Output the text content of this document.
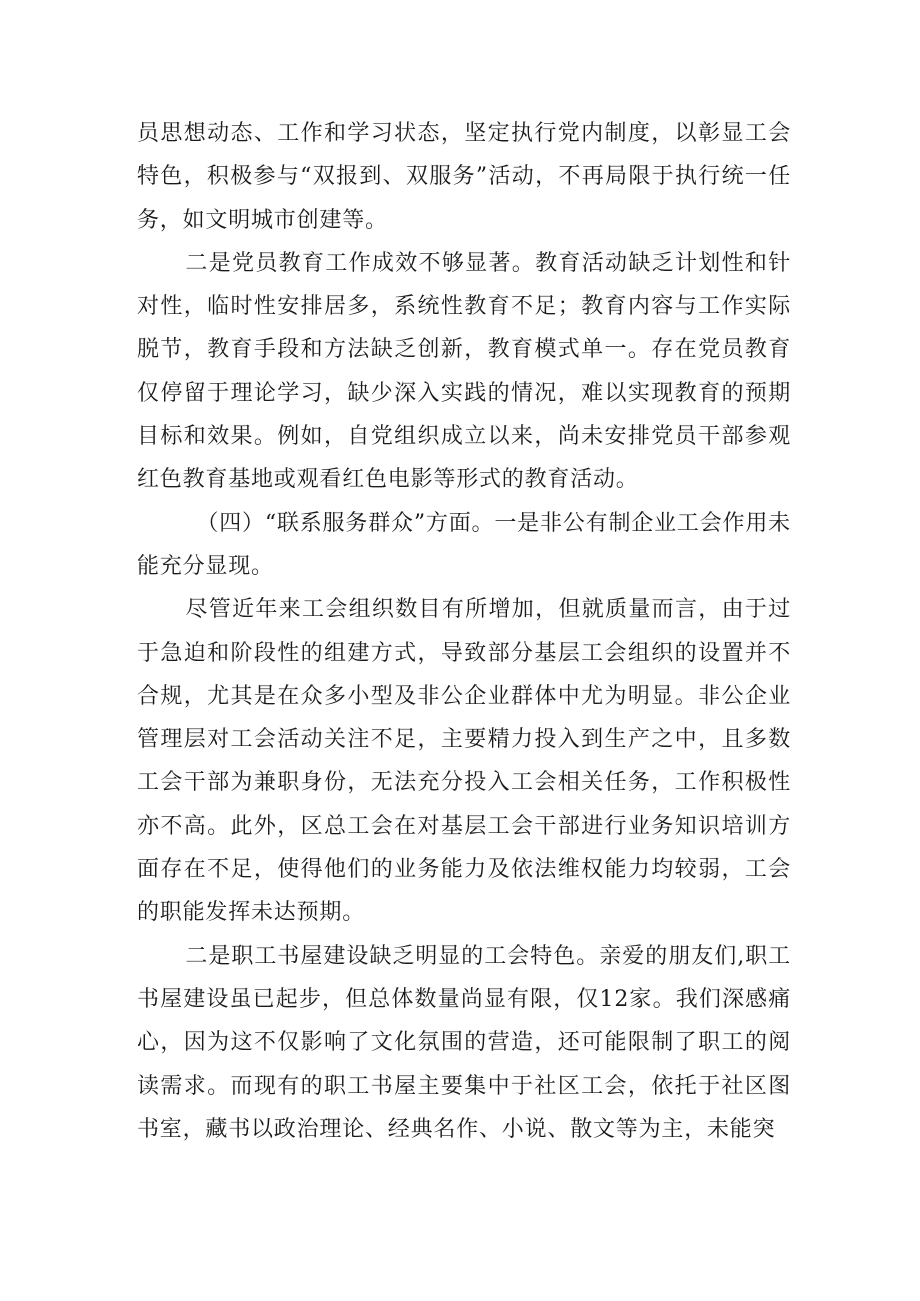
员思想动态、工作和学习状态，坚定执行党内制度，以彰显工会特色，积极参与“双报到、双服务”活动，不再局限于执行统一任务，如文明城市创建等。

二是党员教育工作成效不够显著。教育活动缺乏计划性和针对性，临时性安排居多，系统性教育不足；教育内容与工作实际脱节，教育手段和方法缺乏创新，教育模式单一。存在党员教育仅停留于理论学习，缺少深入实践的情况，难以实现教育的预期目标和效果。例如，自党组织成立以来，尚未安排党员干部参观红色教育基地或观看红色电影等形式的教育活动。

（四）“联系服务群众”方面。一是非公有制企业工会作用未能充分显现。

尽管近年来工会组织数目有所增加，但就质量而言，由于过于急迫和阶段性的组建方式，导致部分基层工会组织的设置并不合规，尤其是在众多小型及非公企业群体中尤为明显。非公企业管理层对工会活动关注不足，主要精力投入到生产之中，且多数工会干部为兼职身份，无法充分投入工会相关任务，工作积极性亦不高。此外，区总工会在对基层工会干部进行业务知识培训方面存在不足，使得他们的业务能力及依法维权能力均较弱，工会的职能发挥未达预期。

二是职工书屋建设缺乏明显的工会特色。亲爱的朋友们,职工书屋建设虽已起步，但总体数量尚显有限，仅12家。我们深感痛心，因为这不仅影响了文化氛围的营造，还可能限制了职工的阅读需求。而现有的职工书屋主要集中于社区工会，依托于社区图书室，藏书以政治理论、经典名作、小说、散文等为主，未能突
